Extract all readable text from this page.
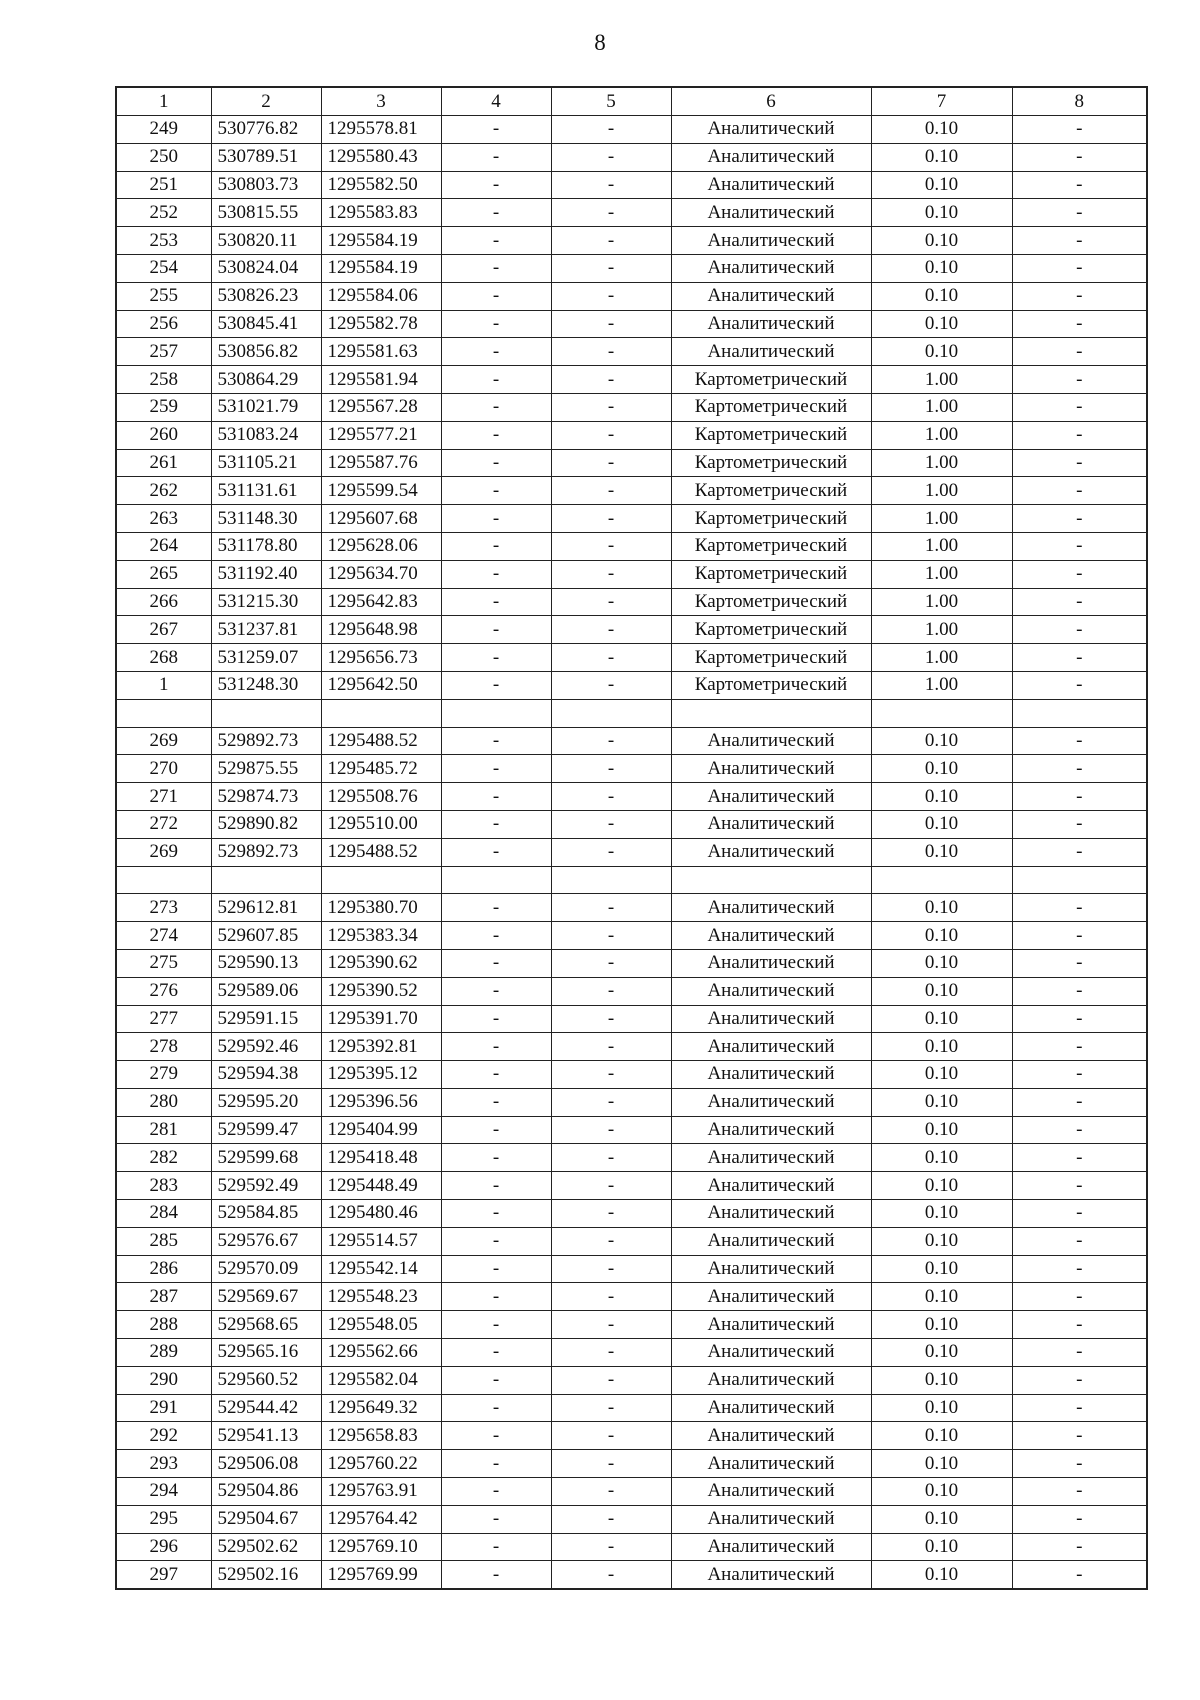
8
1	2	3	4	5	6	7	8
249	530776.82	1295578.81	-	-	Аналитический	0.10	-
250	530789.51	1295580.43	-	-	Аналитический	0.10	-
251	530803.73	1295582.50	-	-	Аналитический	0.10	-
252	530815.55	1295583.83	-	-	Аналитический	0.10	-
253	530820.11	1295584.19	-	-	Аналитический	0.10	-
254	530824.04	1295584.19	-	-	Аналитический	0.10	-
255	530826.23	1295584.06	-	-	Аналитический	0.10	-
256	530845.41	1295582.78	-	-	Аналитический	0.10	-
257	530856.82	1295581.63	-	-	Аналитический	0.10	-
258	530864.29	1295581.94	-	-	Картометрический	1.00	-
259	531021.79	1295567.28	-	-	Картометрический	1.00	-
260	531083.24	1295577.21	-	-	Картометрический	1.00	-
261	531105.21	1295587.76	-	-	Картометрический	1.00	-
262	531131.61	1295599.54	-	-	Картометрический	1.00	-
263	531148.30	1295607.68	-	-	Картометрический	1.00	-
264	531178.80	1295628.06	-	-	Картометрический	1.00	-
265	531192.40	1295634.70	-	-	Картометрический	1.00	-
266	531215.30	1295642.83	-	-	Картометрический	1.00	-
267	531237.81	1295648.98	-	-	Картометрический	1.00	-
268	531259.07	1295656.73	-	-	Картометрический	1.00	-
1	531248.30	1295642.50	-	-	Картометрический	1.00	-

269	529892.73	1295488.52	-	-	Аналитический	0.10	-
270	529875.55	1295485.72	-	-	Аналитический	0.10	-
271	529874.73	1295508.76	-	-	Аналитический	0.10	-
272	529890.82	1295510.00	-	-	Аналитический	0.10	-
269	529892.73	1295488.52	-	-	Аналитический	0.10	-

273	529612.81	1295380.70	-	-	Аналитический	0.10	-
274	529607.85	1295383.34	-	-	Аналитический	0.10	-
275	529590.13	1295390.62	-	-	Аналитический	0.10	-
276	529589.06	1295390.52	-	-	Аналитический	0.10	-
277	529591.15	1295391.70	-	-	Аналитический	0.10	-
278	529592.46	1295392.81	-	-	Аналитический	0.10	-
279	529594.38	1295395.12	-	-	Аналитический	0.10	-
280	529595.20	1295396.56	-	-	Аналитический	0.10	-
281	529599.47	1295404.99	-	-	Аналитический	0.10	-
282	529599.68	1295418.48	-	-	Аналитический	0.10	-
283	529592.49	1295448.49	-	-	Аналитический	0.10	-
284	529584.85	1295480.46	-	-	Аналитический	0.10	-
285	529576.67	1295514.57	-	-	Аналитический	0.10	-
286	529570.09	1295542.14	-	-	Аналитический	0.10	-
287	529569.67	1295548.23	-	-	Аналитический	0.10	-
288	529568.65	1295548.05	-	-	Аналитический	0.10	-
289	529565.16	1295562.66	-	-	Аналитический	0.10	-
290	529560.52	1295582.04	-	-	Аналитический	0.10	-
291	529544.42	1295649.32	-	-	Аналитический	0.10	-
292	529541.13	1295658.83	-	-	Аналитический	0.10	-
293	529506.08	1295760.22	-	-	Аналитический	0.10	-
294	529504.86	1295763.91	-	-	Аналитический	0.10	-
295	529504.67	1295764.42	-	-	Аналитический	0.10	-
296	529502.62	1295769.10	-	-	Аналитический	0.10	-
297	529502.16	1295769.99	-	-	Аналитический	0.10	-
